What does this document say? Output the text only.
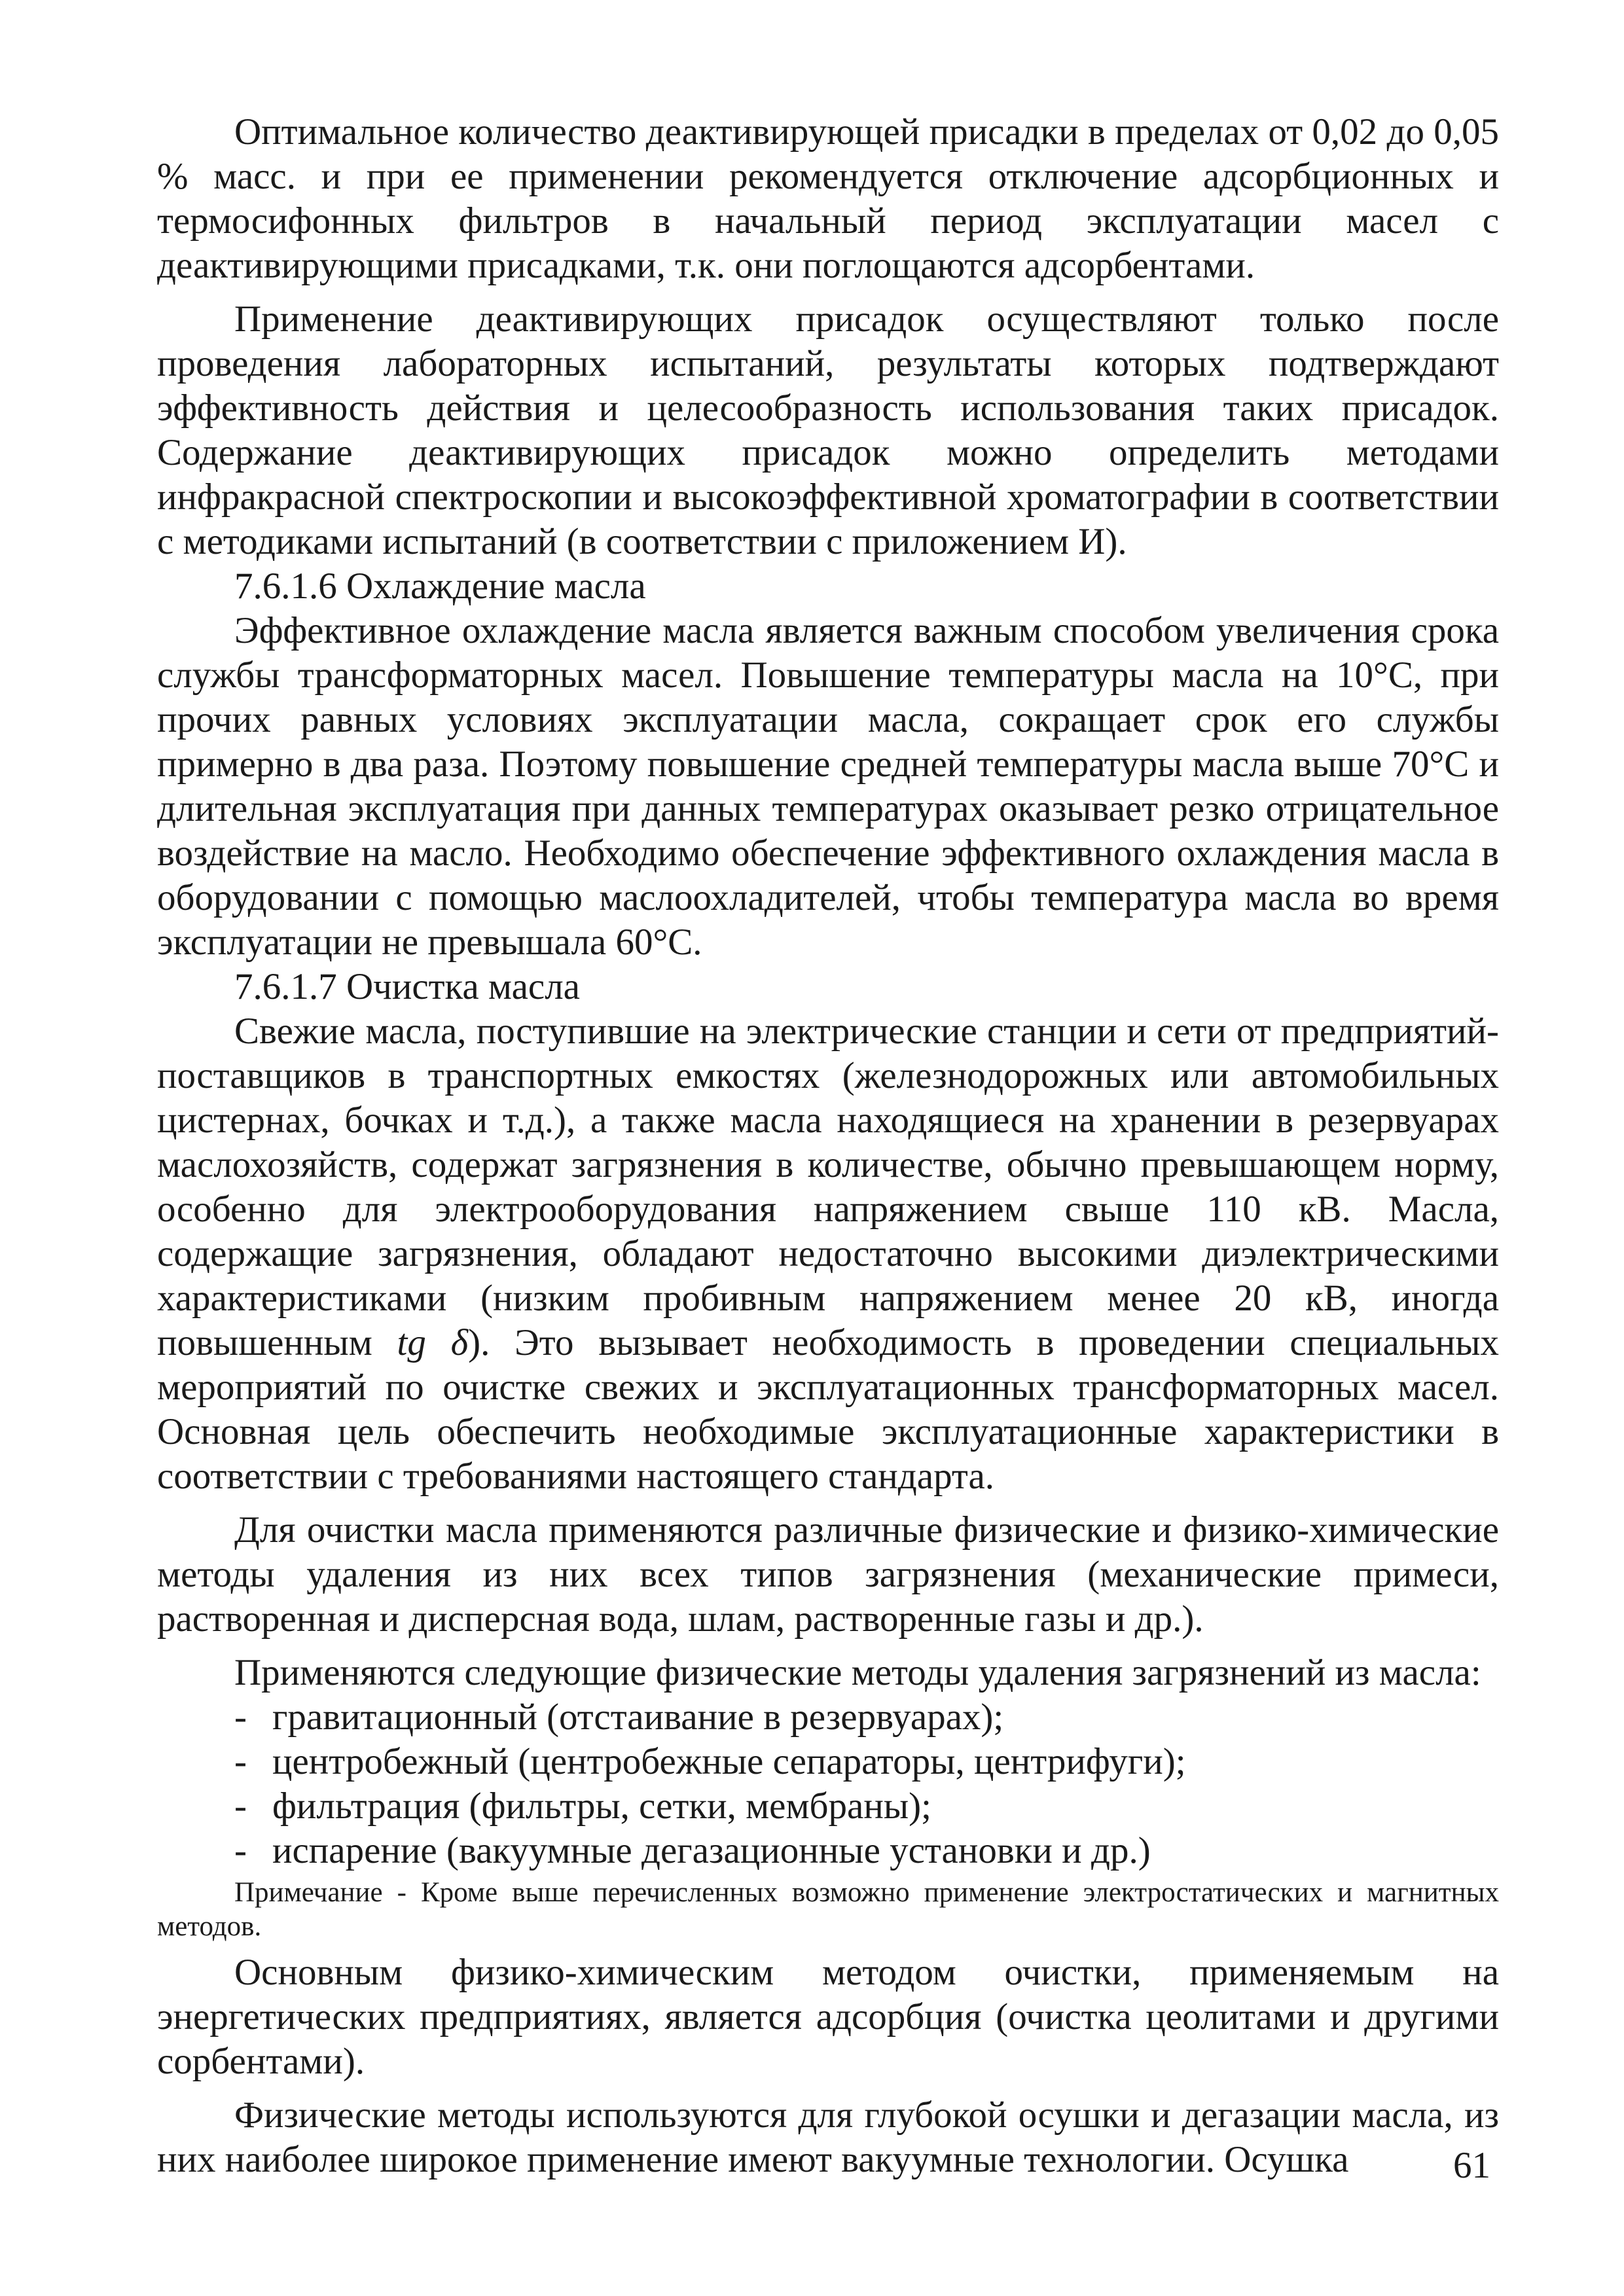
Оптимальное количество деактивирующей присадки в пределах от 0,02 до 0,05 % масс. и при ее применении рекомендуется отключение адсорбционных и термосифонных фильтров в начальный период эксплуатации масел с деактивирующими присадками, т.к. они поглощаются адсорбентами.

Применение деактивирующих присадок осуществляют только после проведения лабораторных испытаний, результаты которых подтверждают эффективность действия и целесообразность использования таких присадок. Содержание деактивирующих присадок можно определить методами инфракрасной спектроскопии и высокоэффективной хроматографии в соответствии с методиками испытаний (в соответствии с приложением И).

7.6.1.6 Охлаждение масла

Эффективное охлаждение масла является важным способом увеличения срока службы трансформаторных масел. Повышение температуры масла на 10°С, при прочих равных условиях эксплуатации масла, сокращает срок его службы примерно в два раза. Поэтому повышение средней температуры масла выше 70°С и длительная эксплуатация при данных температурах оказывает резко отрицательное воздействие на масло. Необходимо обеспечение эффективного охлаждения масла в оборудовании с помощью маслоохладителей, чтобы температура масла во время эксплуатации не превышала 60°С.

7.6.1.7 Очистка масла

Свежие масла, поступившие на электрические станции и сети от предприятий-поставщиков в транспортных емкостях (железнодорожных или автомобильных цистернах, бочках и т.д.), а также масла находящиеся на хранении в резервуарах маслохозяйств, содержат загрязнения в количестве, обычно превышающем норму, особенно для электрооборудования напряжением свыше 110 кВ. Масла, содержащие загрязнения, обладают недостаточно высокими диэлектрическими характеристиками (низким пробивным напряжением менее 20 кВ, иногда повышенным tg δ). Это вызывает необходимость в проведении специальных мероприятий по очистке свежих и эксплуатационных трансформаторных масел. Основная цель обеспечить необходимые эксплуатационные характеристики в соответствии с требованиями настоящего стандарта.

Для очистки масла применяются различные физические и физико-химические методы удаления из них всех типов загрязнения (механические примеси, растворенная и дисперсная вода, шлам, растворенные газы и др.).

Применяются следующие физические методы удаления загрязнений из масла:

- гравитационный (отстаивание в резервуарах);
- центробежный (центробежные сепараторы, центрифуги);
- фильтрация (фильтры, сетки, мембраны);
- испарение (вакуумные дегазационные установки и др.)

Примечание - Кроме выше перечисленных возможно применение электростатических и магнитных методов.

Основным физико-химическим методом очистки, применяемым на энергетических предприятиях, является адсорбция (очистка цеолитами и другими сорбентами).

Физические методы используются для глубокой осушки и дегазации масла, из них наиболее широкое применение имеют вакуумные технологии. Осушка	61
